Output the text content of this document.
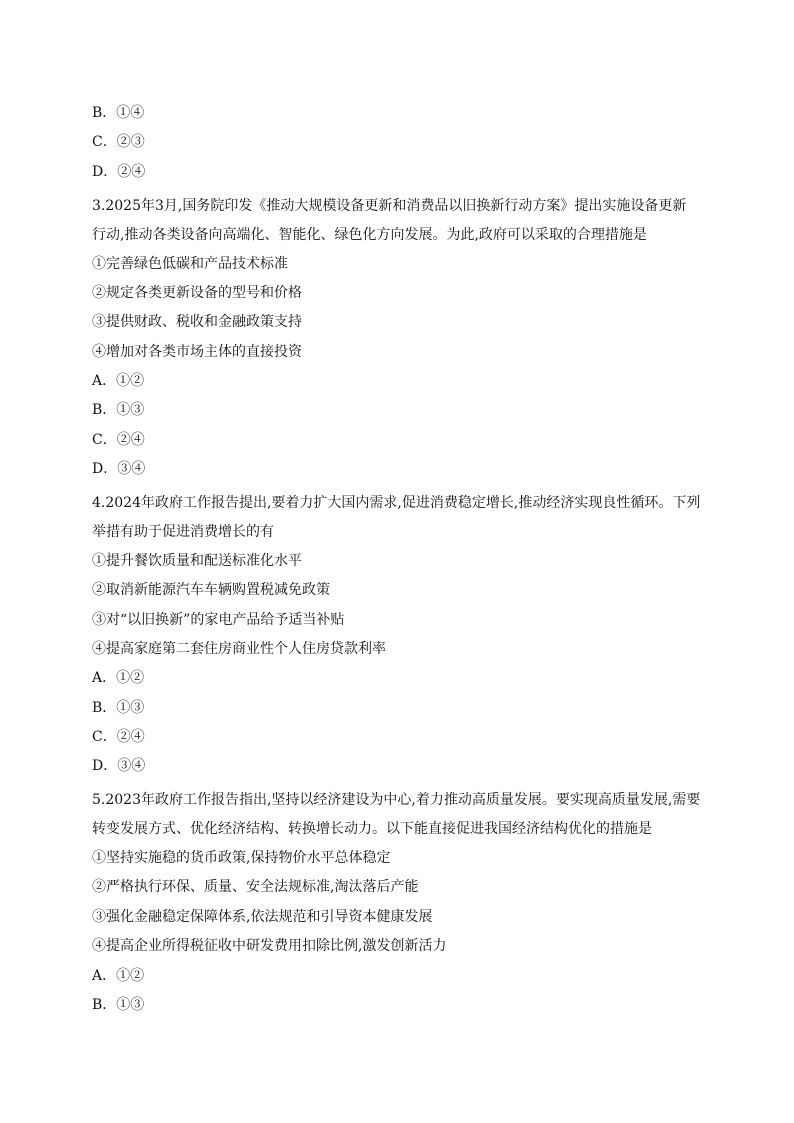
B．①④
C．②③
D．②④
3.2025年3月,国务院印发《推动大规模设备更新和消费品以旧换新行动方案》提出实施设备更新
行动,推动各类设备向高端化、智能化、绿色化方向发展。为此,政府可以采取的合理措施是
①完善绿色低碳和产品技术标准
②规定各类更新设备的型号和价格
③提供财政、税收和金融政策支持
④增加对各类市场主体的直接投资
A．①②
B．①③
C．②④
D．③④
4.2024年政府工作报告提出,要着力扩大国内需求,促进消费稳定增长,推动经济实现良性循环。下列
举措有助于促进消费增长的有
①提升餐饮质量和配送标准化水平
②取消新能源汽车车辆购置税减免政策
③对“以旧换新”的家电产品给予适当补贴
④提高家庭第二套住房商业性个人住房贷款利率
A．①②
B．①③
C．②④
D．③④
5.2023年政府工作报告指出,坚持以经济建设为中心,着力推动高质量发展。要实现高质量发展,需要
转变发展方式、优化经济结构、转换增长动力。以下能直接促进我国经济结构优化的措施是
①坚持实施稳的货币政策,保持物价水平总体稳定
②严格执行环保、质量、安全法规标准,淘汰落后产能
③强化金融稳定保障体系,依法规范和引导资本健康发展
④提高企业所得税征收中研发费用扣除比例,激发创新活力
A．①②
B．①③
